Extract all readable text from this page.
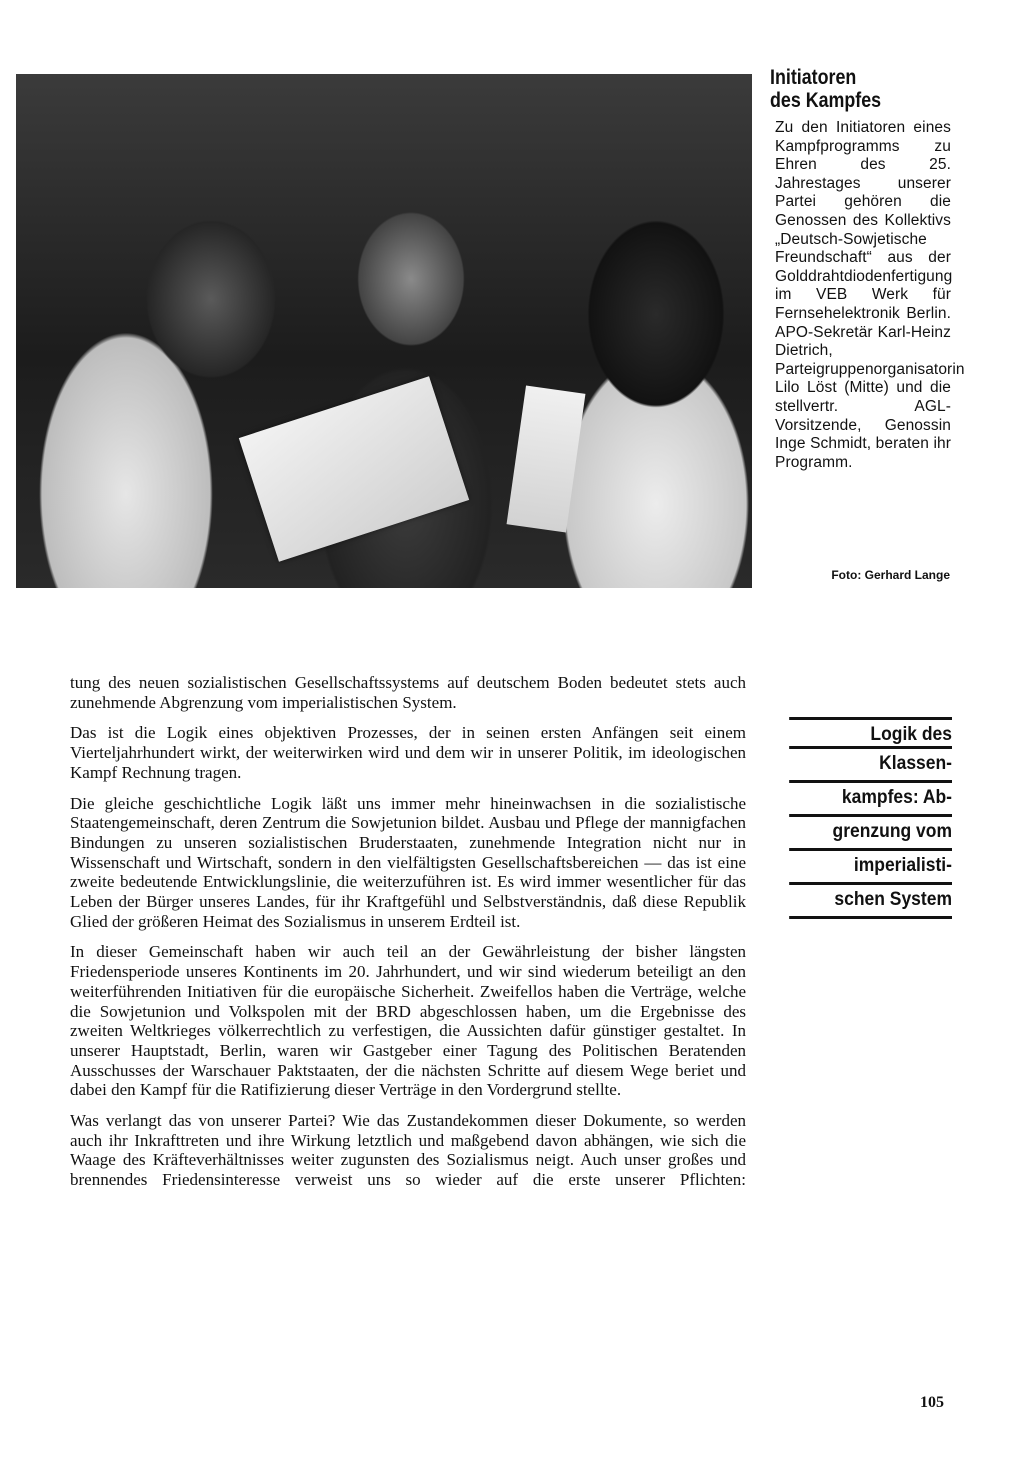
Initiatoren
des Kampfes
Zu den Initiatoren eines Kampfprogramms zu Ehren des 25. Jahrestages unserer Partei gehören die Genossen des Kollektivs „Deutsch-Sowjetische Freundschaft“ aus der Golddrahtdiodenfertigung im VEB Werk für Fernsehelektronik Berlin. APO-Sekretär Karl-Heinz Dietrich, Parteigruppenorganisatorin Lilo Löst (Mitte) und die stellvertr. AGL-Vorsitzende, Genossin Inge Schmidt, beraten ihr Programm.
Foto: Gerhard Lange

tung des neuen sozialistischen Gesellschaftssystems auf deutschem Boden bedeutet stets auch zunehmende Abgrenzung vom imperialistischen System.

Das ist die Logik eines objektiven Prozesses, der in seinen ersten Anfängen seit einem Vierteljahrhundert wirkt, der weiterwirken wird und dem wir in unserer Politik, im ideologischen Kampf Rechnung tragen.

Die gleiche geschichtliche Logik läßt uns immer mehr hineinwachsen in die sozialistische Staatengemeinschaft, deren Zentrum die Sowjetunion bildet. Ausbau und Pflege der mannigfachen Bindungen zu unseren sozialistischen Bruderstaaten, zunehmende Integration nicht nur in Wissenschaft und Wirtschaft, sondern in den vielfältigsten Gesellschaftsbereichen — das ist eine zweite bedeutende Entwicklungslinie, die weiterzuführen ist. Es wird immer wesentlicher für das Leben der Bürger unseres Landes, für ihr Kraftgefühl und Selbstverständnis, daß diese Republik Glied der größeren Heimat des Sozialismus in unserem Erdteil ist.

In dieser Gemeinschaft haben wir auch teil an der Gewährleistung der bisher längsten Friedensperiode unseres Kontinents im 20. Jahrhundert, und wir sind wiederum beteiligt an den weiterführenden Initiativen für die europäische Sicherheit. Zweifellos haben die Verträge, welche die Sowjetunion und Volkspolen mit der BRD abgeschlossen haben, um die Ergebnisse des zweiten Weltkrieges völkerrechtlich zu verfestigen, die Aussichten dafür günstiger gestaltet. In unserer Hauptstadt, Berlin, waren wir Gastgeber einer Tagung des Politischen Beratenden Ausschusses der Warschauer Paktstaaten, der die nächsten Schritte auf diesem Wege beriet und dabei den Kampf für die Ratifizierung dieser Verträge in den Vordergrund stellte.

Was verlangt das von unserer Partei? Wie das Zustandekommen dieser Dokumente, so werden auch ihr Inkrafttreten und ihre Wirkung letztlich und maßgebend davon abhängen, wie sich die Waage des Kräfteverhältnisses weiter zugunsten des Sozialismus neigt. Auch unser großes und brennendes Friedensinteresse verweist uns so wieder auf die erste unserer Pflichten:

Logik des
Klassen-
kampfes: Ab-
grenzung vom
imperialisti-
schen System
105
